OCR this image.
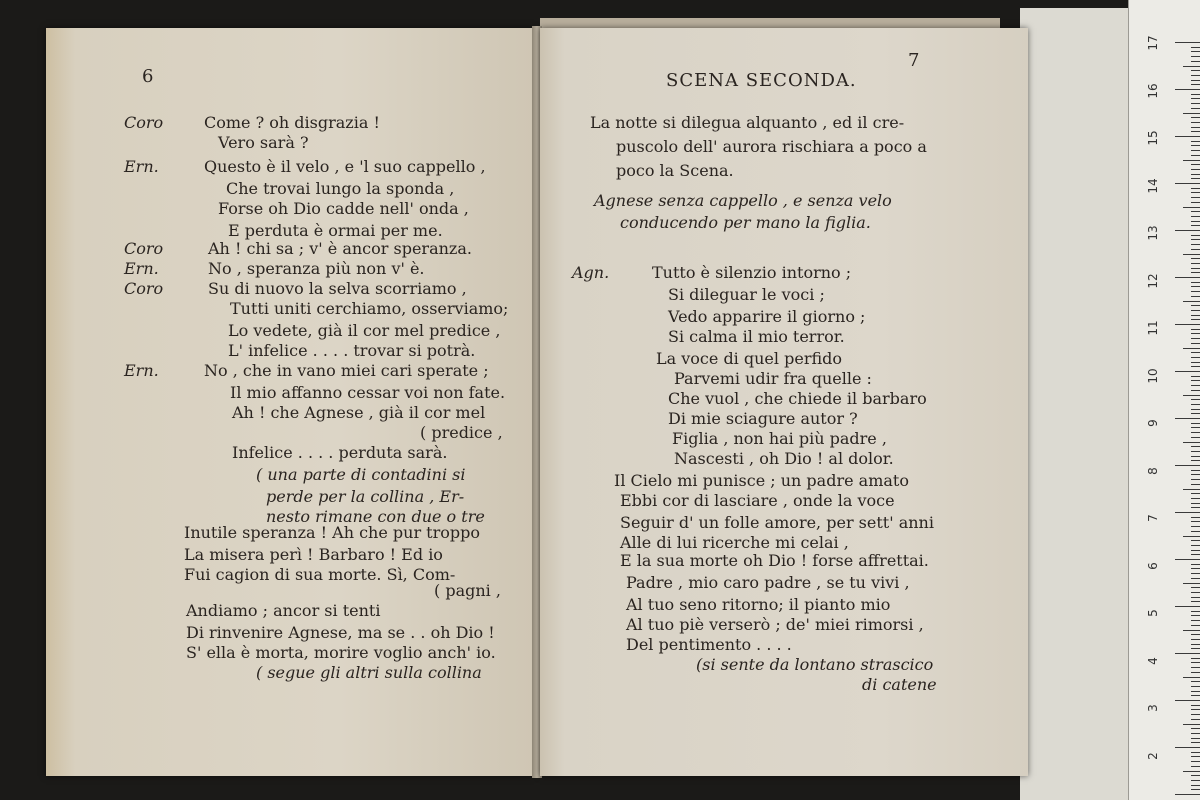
17
16
15
14
13
12
11
10
9
8
7
6
5
4
3
2
6
Coro	Come ? oh disgrazia !
Vero sarà ?
Ern.	Questo è il velo , e 'l suo cappello ,
Che trovai lungo la sponda ,
Forse oh Dio cadde nell' onda ,
E perduta è ormai per me.
Coro	Ah ! chi sa ; v' è ancor speranza.
Ern.	No , speranza più non v' è.
Coro	Su di nuovo la selva scorriamo ,
Tutti uniti cerchiamo, osserviamo;
Lo vedete, già il cor mel predice ,
L' infelice . . . . trovar si potrà.
Ern.	No , che in vano miei cari sperate ;
Il mio affanno cessar voi non fate.
Ah ! che Agnese , già il cor mel
( predice ,
Infelice . . . . perduta sarà.
( una parte di contadini si
perde per la collina , Er-
nesto rimane con due o tre
Inutile speranza ! Ah che pur troppo
La misera perì ! Barbaro ! Ed io
Fui cagion di sua morte. Sì, Com-
( pagni ,
Andiamo ; ancor si tenti
Di rinvenire Agnese, ma se . . oh Dio !
S' ella è morta, morire voglio anch' io.
( segue gli altri sulla collina
7
SCENA SECONDA.
La notte si dilegua alquanto , ed il cre-
puscolo dell' aurora rischiara a poco a
poco la Scena.
Agnese senza cappello , e senza velo
conducendo per mano la figlia.
Agn.	Tutto è silenzio intorno ;
Si dileguar le voci ;
Vedo apparire il giorno ;
Si calma il mio terror.
La voce di quel perfido
Parvemi udir fra quelle :
Che vuol , che chiede il barbaro
Di mie sciagure autor ?
Figlia , non hai più padre ,
Nascesti , oh Dio ! al dolor.
Il Cielo mi punisce ; un padre amato
Ebbi cor di lasciare , onde la voce
Seguir d' un folle amore, per sett' anni
Alle di lui ricerche mi celai ,
E la sua morte oh Dio ! forse affrettai.
Padre , mio caro padre , se tu vivi ,
Al tuo seno ritorno; il pianto mio
Al tuo piè verserò ; de' miei rimorsi ,
Del pentimento . . . .
(si sente da lontano strascico
di catene
